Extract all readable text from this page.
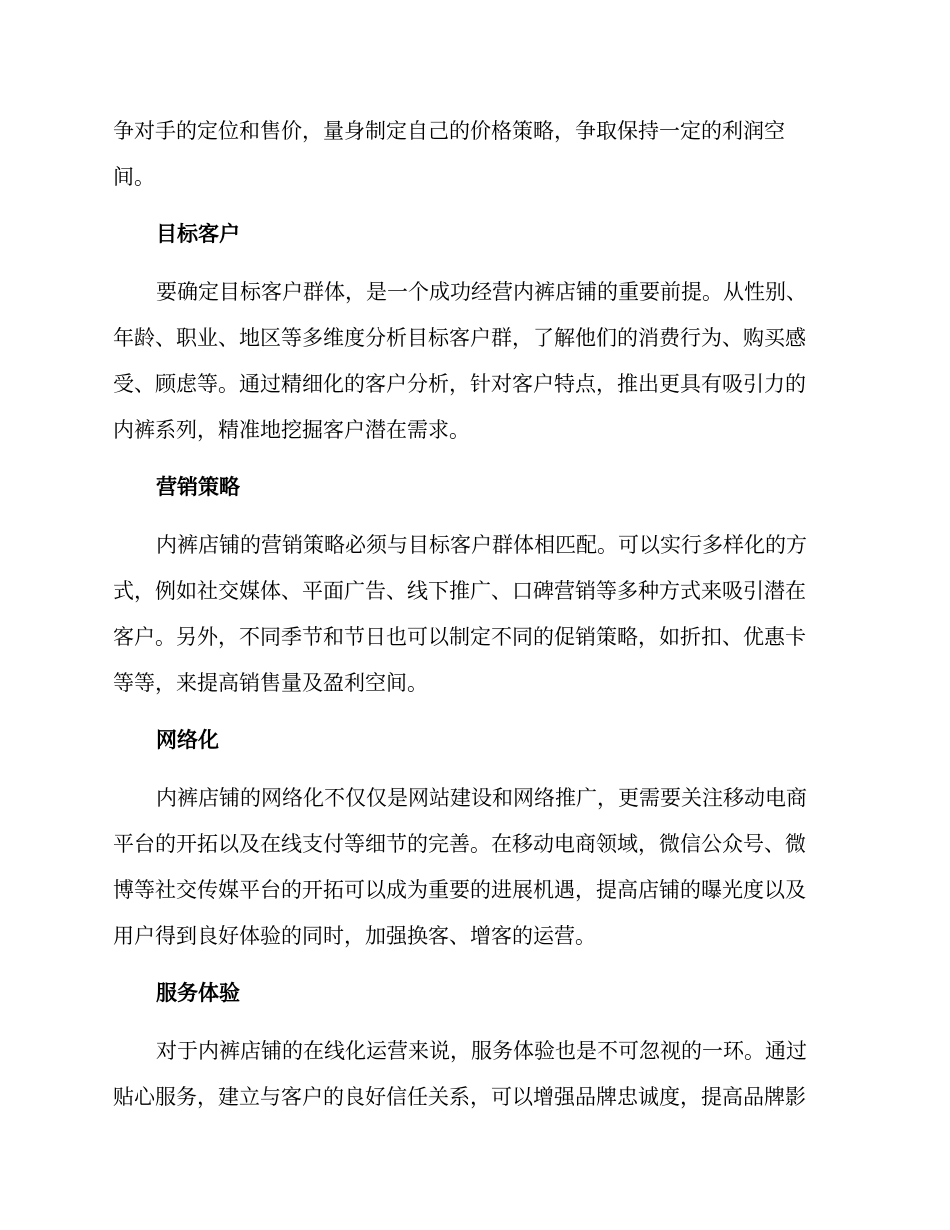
争对手的定位和售价，量身制定自己的价格策略，争取保持一定的利润空
间。
目标客户
要确定目标客户群体，是一个成功经营内裤店铺的重要前提。从性别、
年龄、职业、地区等多维度分析目标客户群，了解他们的消费行为、购买感
受、顾虑等。通过精细化的客户分析，针对客户特点，推出更具有吸引力的
内裤系列，精准地挖掘客户潜在需求。
营销策略
内裤店铺的营销策略必须与目标客户群体相匹配。可以实行多样化的方
式，例如社交媒体、平面广告、线下推广、口碑营销等多种方式来吸引潜在
客户。另外，不同季节和节日也可以制定不同的促销策略，如折扣、优惠卡
等等，来提高销售量及盈利空间。
网络化
内裤店铺的网络化不仅仅是网站建设和网络推广，更需要关注移动电商
平台的开拓以及在线支付等细节的完善。在移动电商领域，微信公众号、微
博等社交传媒平台的开拓可以成为重要的进展机遇，提高店铺的曝光度以及
用户得到良好体验的同时，加强换客、增客的运营。
服务体验
对于内裤店铺的在线化运营来说，服务体验也是不可忽视的一环。通过
贴心服务，建立与客户的良好信任关系，可以增强品牌忠诚度，提高品牌影
